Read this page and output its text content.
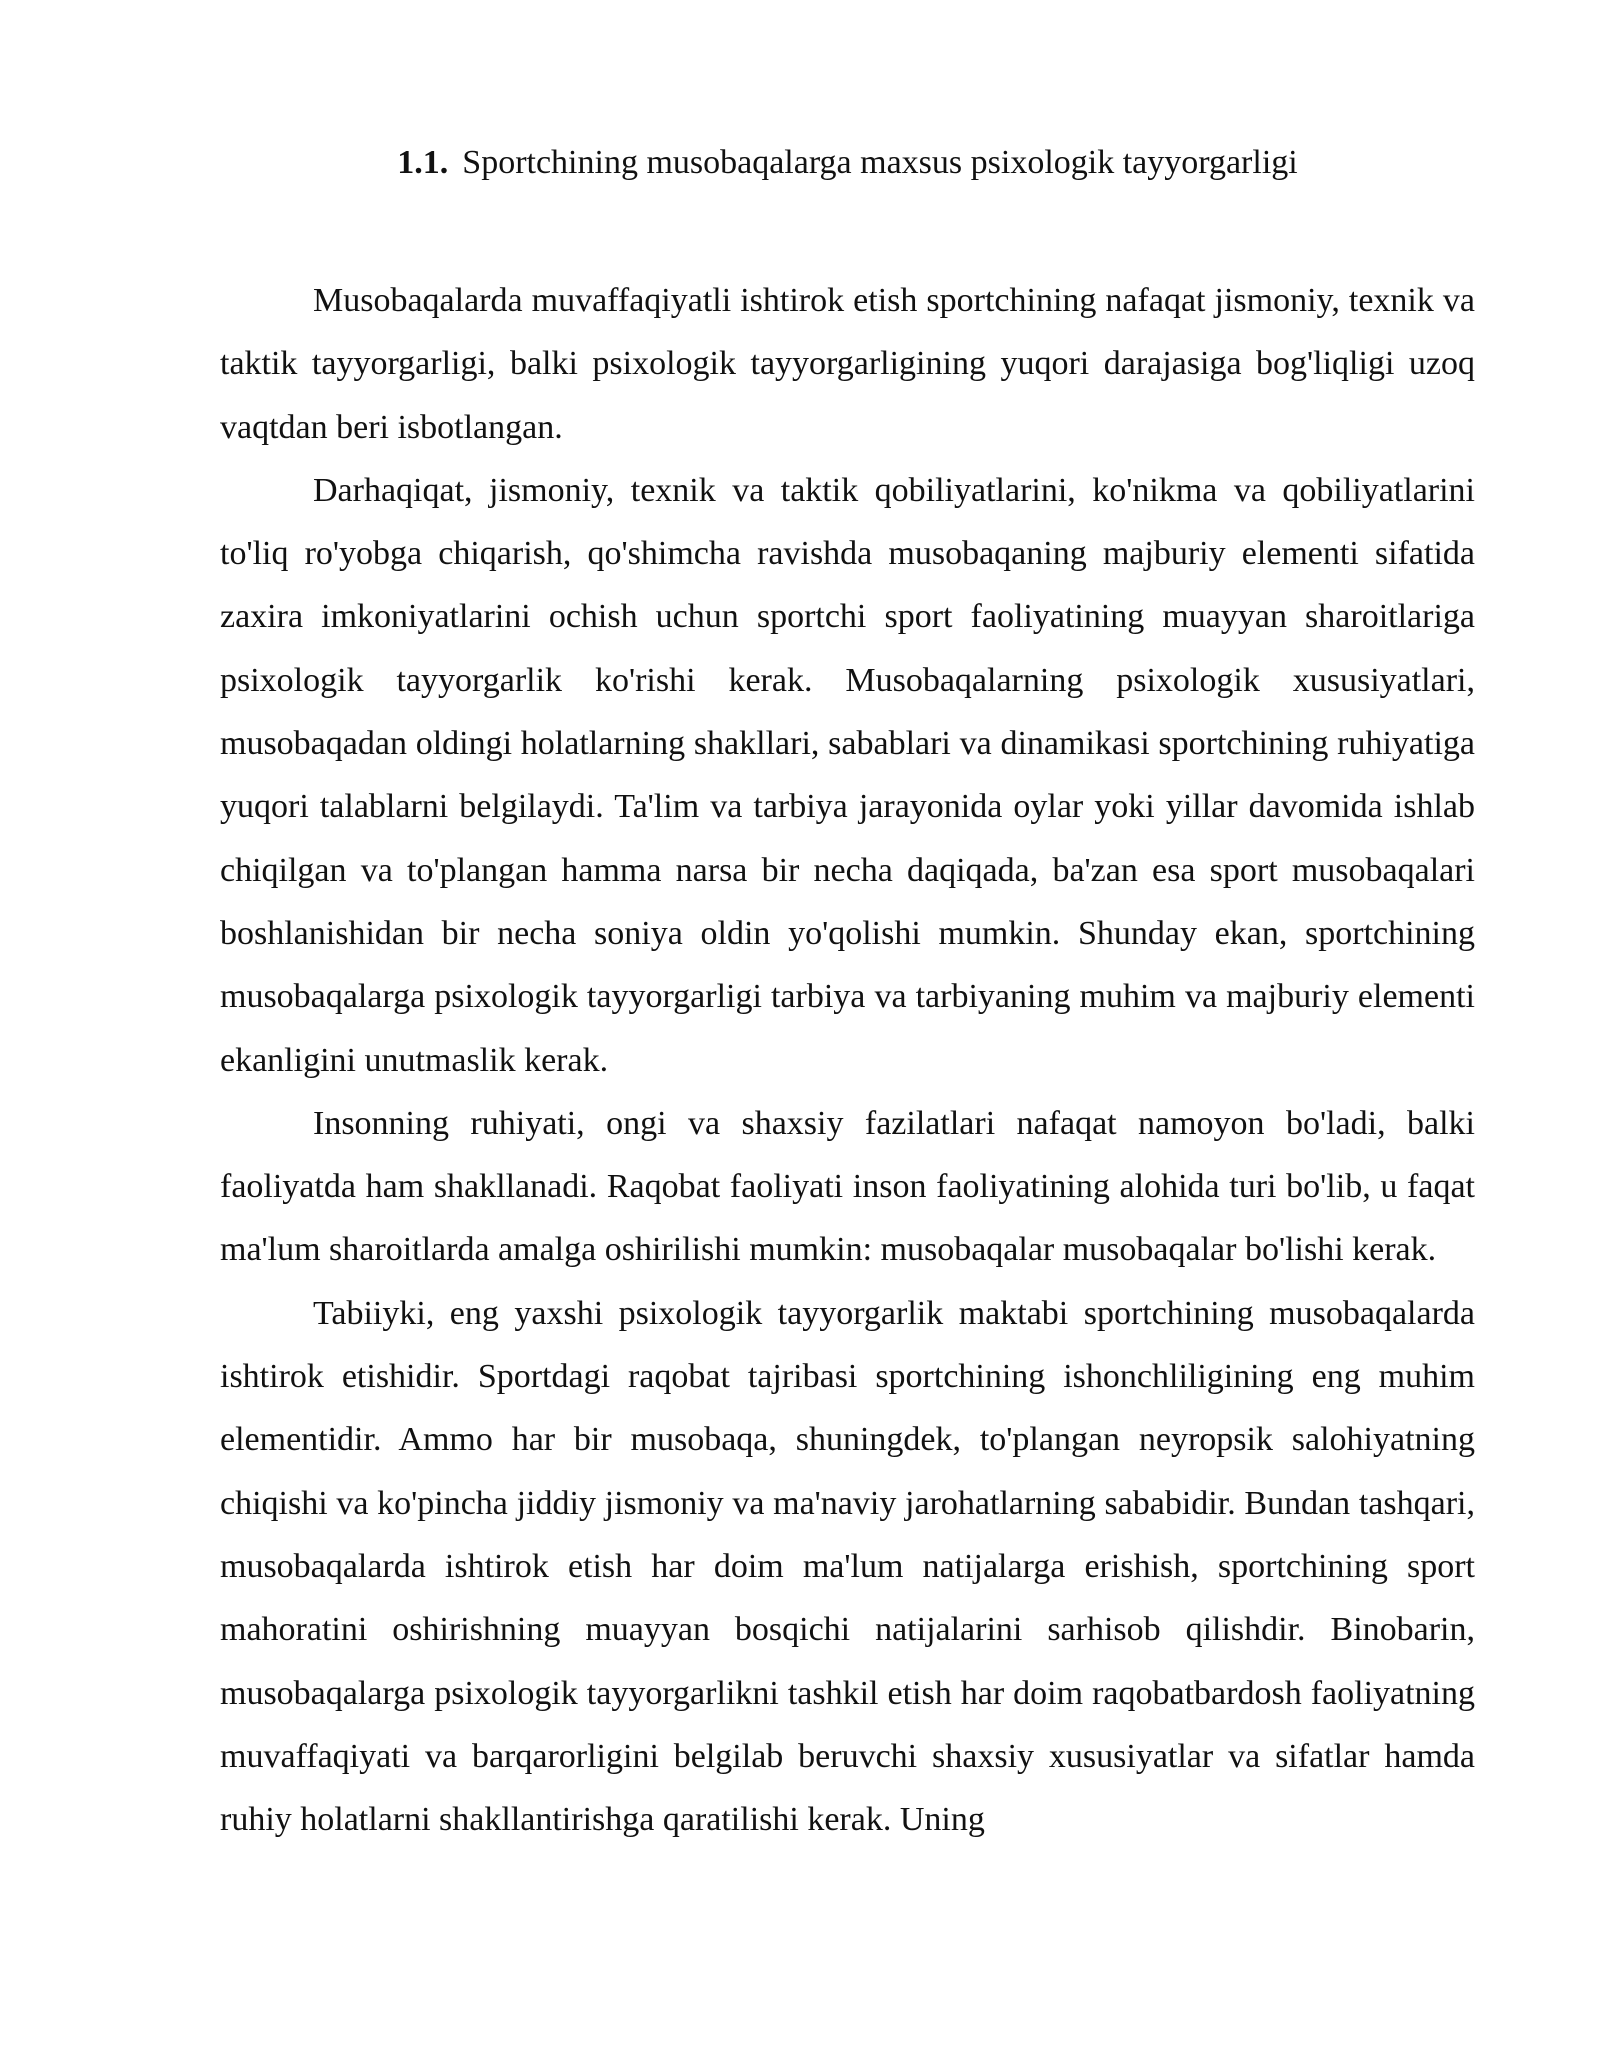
1.1. Sportchining musobaqalarga maxsus psixologik tayyorgarligi

Musobaqalarda muvaffaqiyatli ishtirok etish sportchining nafaqat jismoniy, texnik va taktik tayyorgarligi, balki psixologik tayyorgarligining yuqori darajasiga bog'liqligi uzoq vaqtdan beri isbotlangan.

Darhaqiqat, jismoniy, texnik va taktik qobiliyatlarini, ko'nikma va qobiliyatlarini to'liq ro'yobga chiqarish, qo'shimcha ravishda musobaqaning majburiy elementi sifatida zaxira imkoniyatlarini ochish uchun sportchi sport faoliyatining muayyan sharoitlariga psixologik tayyorgarlik ko'rishi kerak. Musobaqalarning psixologik xususiyatlari, musobaqadan oldingi holatlarning shakllari, sabablari va dinamikasi sportchining ruhiyatiga yuqori talablarni belgilaydi. Ta'lim va tarbiya jarayonida oylar yoki yillar davomida ishlab chiqilgan va to'plangan hamma narsa bir necha daqiqada, ba'zan esa sport musobaqalari boshlanishidan bir necha soniya oldin yo'qolishi mumkin. Shunday ekan, sportchining musobaqalarga psixologik tayyorgarligi tarbiya va tarbiyaning muhim va majburiy elementi ekanligini unutmaslik kerak.

Insonning ruhiyati, ongi va shaxsiy fazilatlari nafaqat namoyon bo'ladi, balki faoliyatda ham shakllanadi. Raqobat faoliyati inson faoliyatining alohida turi bo'lib, u faqat ma'lum sharoitlarda amalga oshirilishi mumkin: musobaqalar musobaqalar bo'lishi kerak.

Tabiiyki, eng yaxshi psixologik tayyorgarlik maktabi sportchining musobaqalarda ishtirok etishidir. Sportdagi raqobat tajribasi sportchining ishonchliligining eng muhim elementidir. Ammo har bir musobaqa, shuningdek, to'plangan neyropsik salohiyatning chiqishi va ko'pincha jiddiy jismoniy va ma'naviy jarohatlarning sababidir. Bundan tashqari, musobaqalarda ishtirok etish har doim ma'lum natijalarga erishish, sportchining sport mahoratini oshirishning muayyan bosqichi natijalarini sarhisob qilishdir. Binobarin, musobaqalarga psixologik tayyorgarlikni tashkil etish har doim raqobatbardosh faoliyatning muvaffaqiyati va barqarorligini belgilab beruvchi shaxsiy xususiyatlar va sifatlar hamda ruhiy holatlarni shakllantirishga qaratilishi kerak. Uning
